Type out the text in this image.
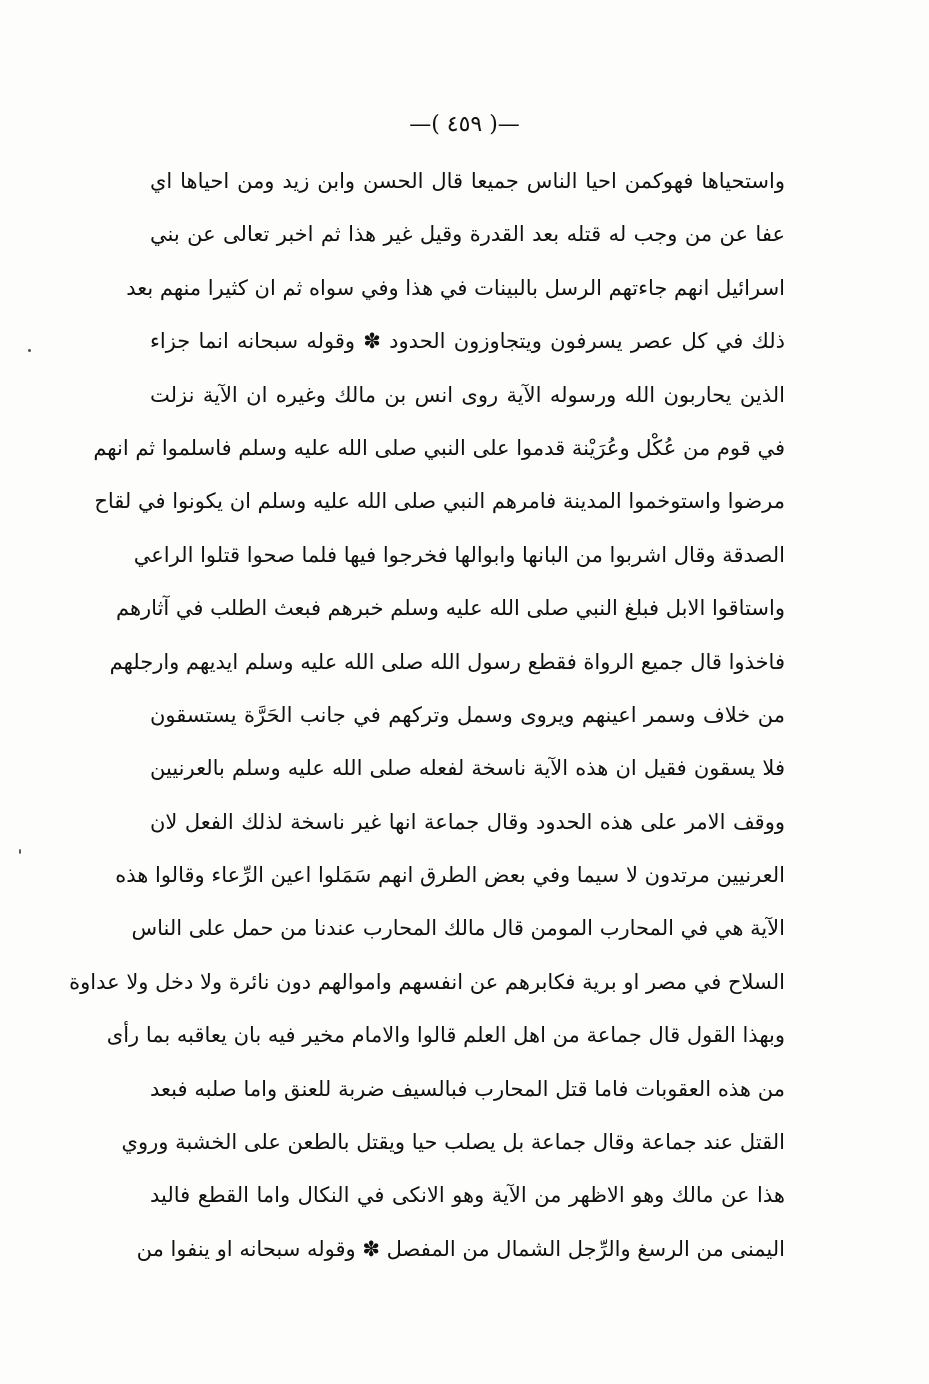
—( ٤٥٩ )—
واستحياها فهوكمن احيا الناس جميعا قال الحسن وابن زيد ومن احياها اي
عفا عن من وجب له قتله بعد القدرة وقيل غير هذا ثم اخبر تعالى عن بني
اسرائيل انهم جاءتهم الرسل بالبينات في هذا وفي سواه ثم ان كثيرا منهم بعد
ذلك في كل عصر يسرفون ويتجاوزون الحدود ✽ وقوله سبحانه انما جزاء
الذين يحاربون الله ورسوله الآية روى انس بن مالك وغيره ان الآية نزلت
في قوم من عُكْل وعُرَيْنة قدموا على النبي صلى الله عليه وسلم فاسلموا ثم انهم
مرضوا واستوخموا المدينة فامرهم النبي صلى الله عليه وسلم ان يكونوا في لقاح
الصدقة وقال اشربوا من البانها وابوالها فخرجوا فيها فلما صحوا قتلوا الراعي
واستاقوا الابل فبلغ النبي صلى الله عليه وسلم خبرهم فبعث الطلب في آثارهم
فاخذوا قال جميع الرواة فقطع رسول الله صلى الله عليه وسلم ايديهم وارجلهم
من خلاف وسمر اعينهم ويروى وسمل وتركهم في جانب الحَرَّة يستسقون
فلا يسقون فقيل ان هذه الآية ناسخة لفعله صلى الله عليه وسلم بالعرنيين
ووقف الامر على هذه الحدود وقال جماعة انها غير ناسخة لذلك الفعل لان
العرنيين مرتدون لا سيما وفي بعض الطرق انهم سَمَلوا اعين الرِّعاء وقالوا هذه
الآية هي في المحارب المومن قال مالك المحارب عندنا من حمل على الناس
السلاح في مصر او برية فكابرهم عن انفسهم واموالهم دون نائرة ولا دخل ولا عداوة
وبهذا القول قال جماعة من اهل العلم قالوا والامام مخير فيه بان يعاقبه بما رأى
من هذه العقوبات فاما قتل المحارب فبالسيف ضربة للعنق واما صلبه فبعد
القتل عند جماعة وقال جماعة بل يصلب حيا ويقتل بالطعن على الخشبة وروي
هذا عن مالك وهو الاظهر من الآية وهو الانكى في النكال واما القطع فاليد
اليمنى من الرسغ والرِّجل الشمال من المفصل ✽ وقوله سبحانه او ينفوا من
